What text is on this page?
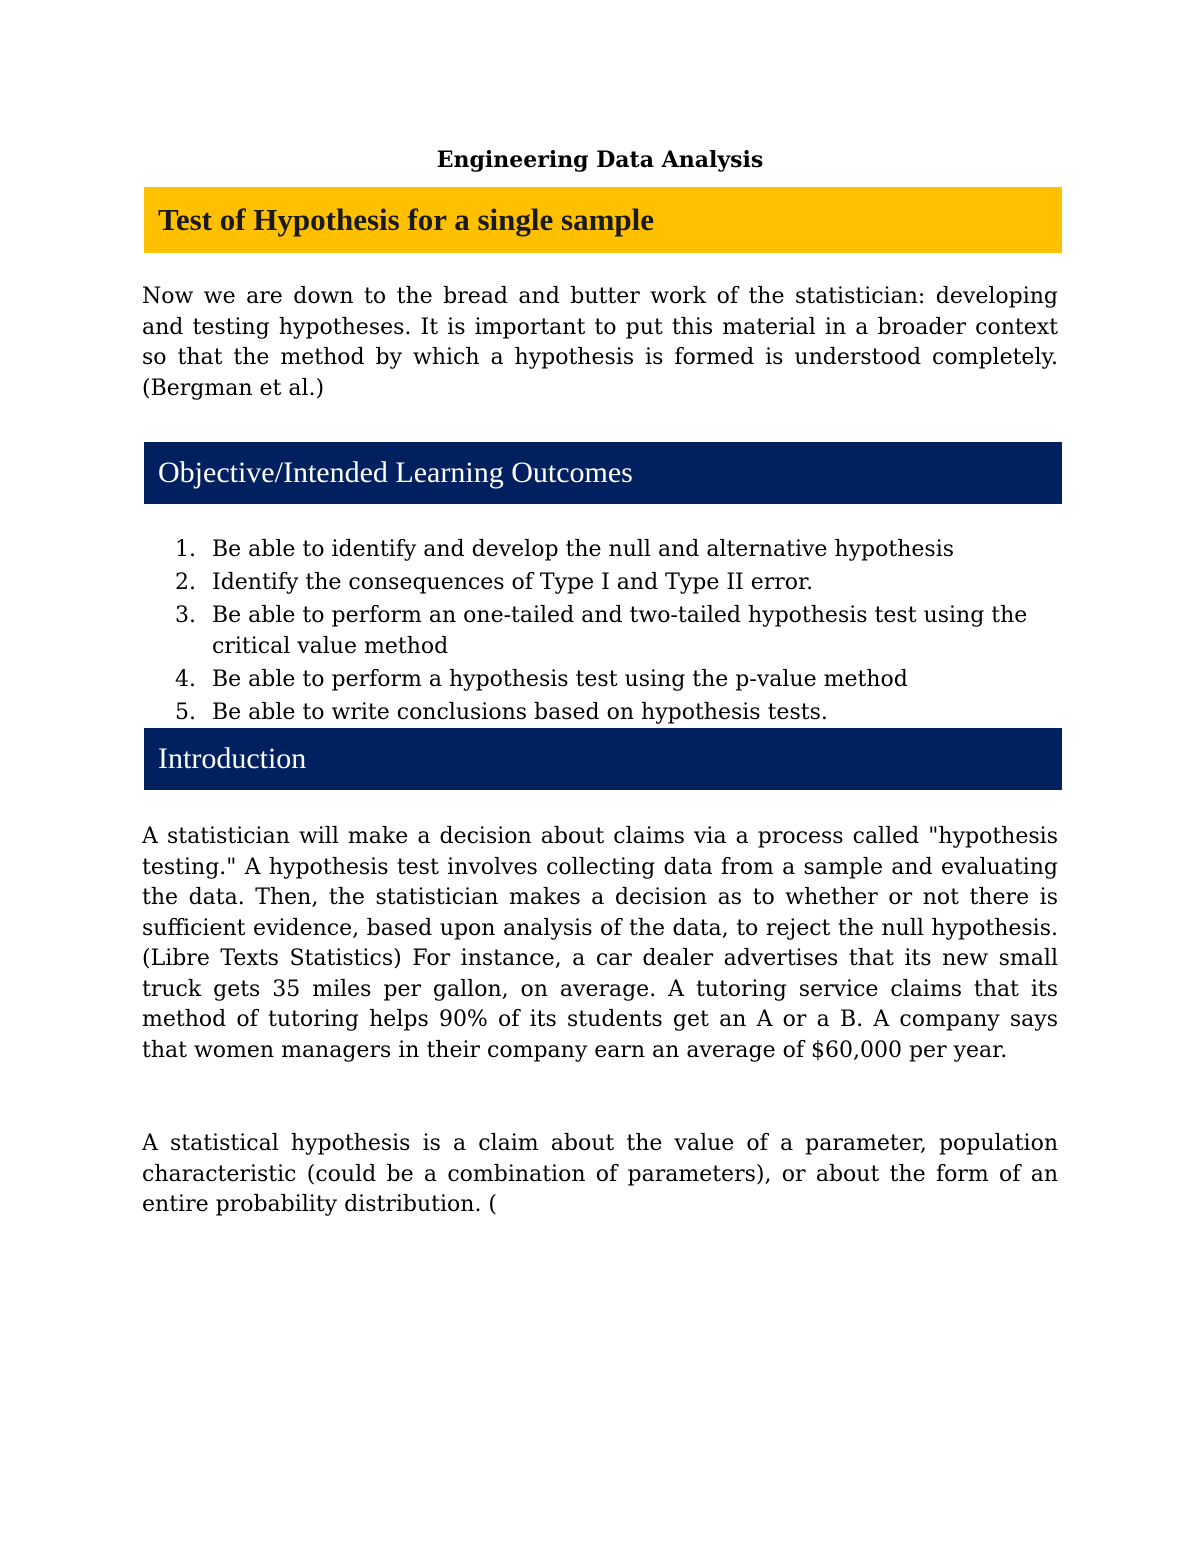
Engineering Data Analysis
Test of Hypothesis for a single sample

Now we are down to the bread and butter work of the statistician: developing and testing hypotheses. It is important to put this material in a broader context so that the method by which a hypothesis is formed is understood completely. (Bergman et al.)

Objective/Intended Learning Outcomes
1. Be able to identify and develop the null and alternative hypothesis
2. Identify the consequences of Type I and Type II error.
3. Be able to perform an one-tailed and two-tailed hypothesis test using the critical value method
4. Be able to perform a hypothesis test using the p-value method
5. Be able to write conclusions based on hypothesis tests.
Introduction

A statistician will make a decision about claims via a process called "hypothesis testing." A hypothesis test involves collecting data from a sample and evaluating the data. Then, the statistician makes a decision as to whether or not there is sufficient evidence, based upon analysis of the data, to reject the null hypothesis. (Libre Texts Statistics) For instance, a car dealer advertises that its new small truck gets 35 miles per gallon, on average. A tutoring service claims that its method of tutoring helps 90% of its students get an A or a B. A company says that women managers in their company earn an average of $60,000 per year.

A statistical hypothesis is a claim about the value of a parameter, population characteristic (could be a combination of parameters), or about the form of an entire probability distribution. (
